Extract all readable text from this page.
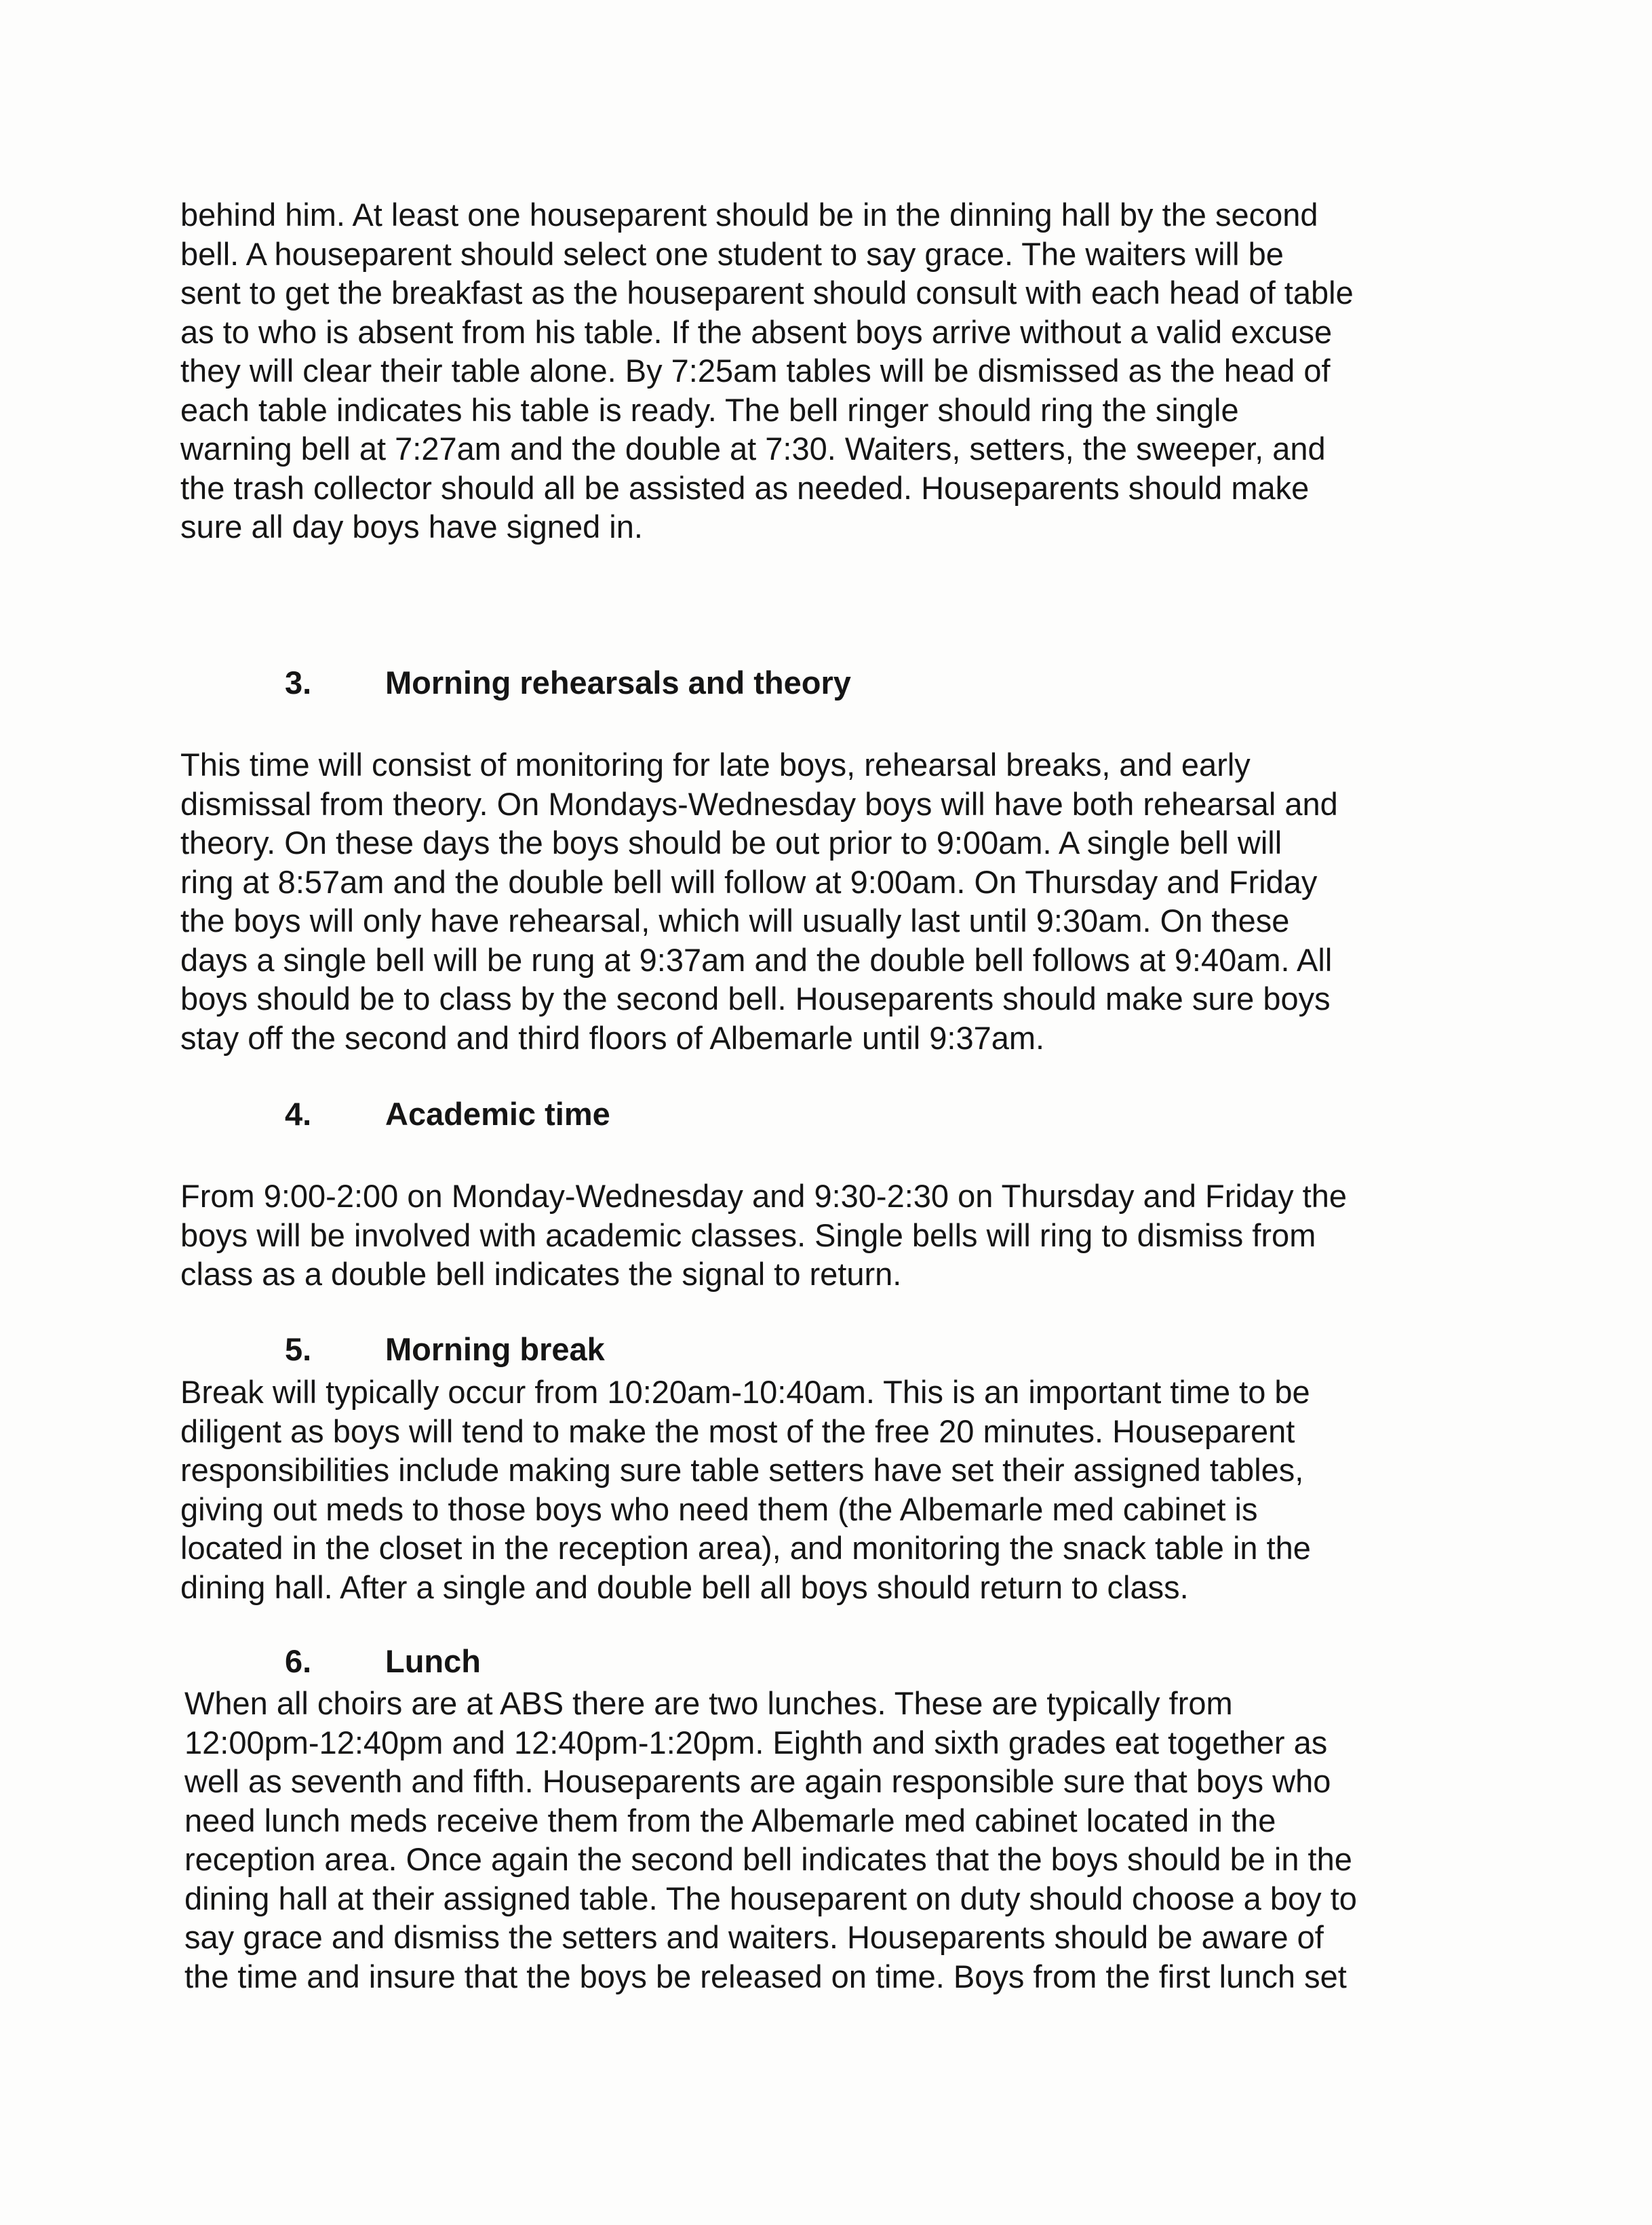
behind him. At least one houseparent should be in the dinning hall by the second
bell. A houseparent should select one student to say grace. The waiters will be
sent to get the breakfast as the houseparent should consult with each head of table
as to who is absent from his table. If the absent boys arrive without a valid excuse
they will clear their table alone. By 7:25am tables will be dismissed as the head of
each table indicates his table is ready. The bell ringer should ring the single
warning bell at 7:27am and the double at 7:30. Waiters, setters, the sweeper, and
the trash collector should all be assisted as needed. Houseparents should make
sure all day boys have signed in.

3. Morning rehearsals and theory

This time will consist of monitoring for late boys, rehearsal breaks, and early
dismissal from theory. On Mondays-Wednesday boys will have both rehearsal and
theory. On these days the boys should be out prior to 9:00am. A single bell will
ring at 8:57am and the double bell will follow at 9:00am. On Thursday and Friday
the boys will only have rehearsal, which will usually last until 9:30am. On these
days a single bell will be rung at 9:37am and the double bell follows at 9:40am. All
boys should be to class by the second bell. Houseparents should make sure boys
stay off the second and third floors of Albemarle until 9:37am.

4. Academic time

From 9:00-2:00 on Monday-Wednesday and 9:30-2:30 on Thursday and Friday the
boys will be involved with academic classes. Single bells will ring to dismiss from
class as a double bell indicates the signal to return.

5. Morning break

Break will typically occur from 10:20am-10:40am. This is an important time to be
diligent as boys will tend to make the most of the free 20 minutes. Houseparent
responsibilities include making sure table setters have set their assigned tables,
giving out meds to those boys who need them (the Albemarle med cabinet is
located in the closet in the reception area), and monitoring the snack table in the
dining hall. After a single and double bell all boys should return to class.

6. Lunch

When all choirs are at ABS there are two lunches. These are typically from
12:00pm-12:40pm and 12:40pm-1:20pm. Eighth and sixth grades eat together as
well as seventh and fifth. Houseparents are again responsible sure that boys who
need lunch meds receive them from the Albemarle med cabinet located in the
reception area. Once again the second bell indicates that the boys should be in the
dining hall at their assigned table. The houseparent on duty should choose a boy to
say grace and dismiss the setters and waiters. Houseparents should be aware of
the time and insure that the boys be released on time. Boys from the first lunch set
